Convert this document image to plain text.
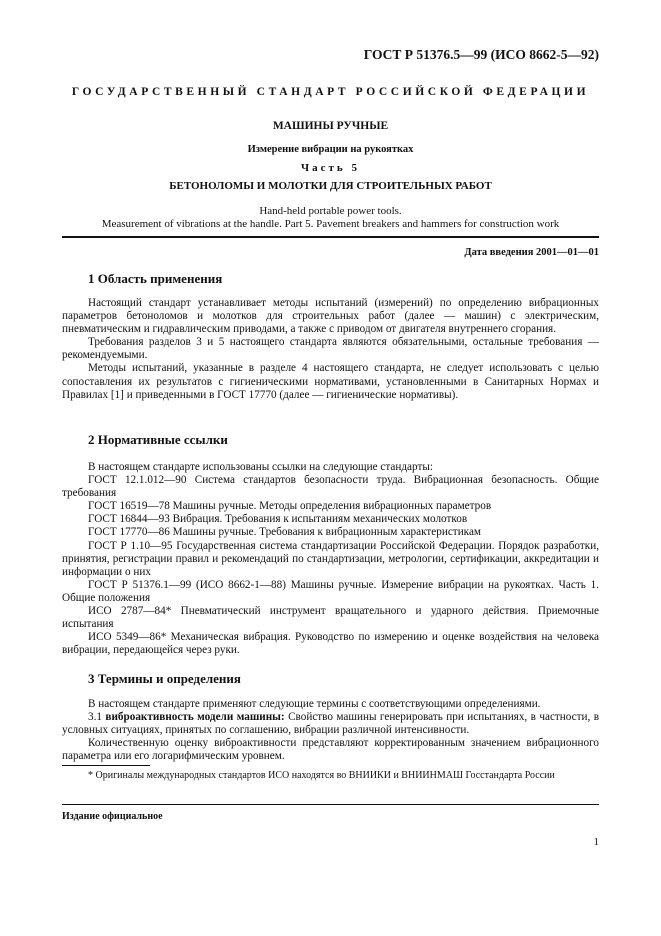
ГОСТ Р 51376.5—99 (ИСО 8662-5—92)
ГОСУДАРСТВЕННЫЙ СТАНДАРТ РОССИЙСКОЙ ФЕДЕРАЦИИ
МАШИНЫ РУЧНЫЕ
Измерение вибрации на рукоятках
Часть 5
БЕТОНОЛОМЫ И МОЛОТКИ ДЛЯ СТРОИТЕЛЬНЫХ РАБОТ
Hand-held portable power tools.
Measurement of vibrations at the handle. Part 5. Pavement breakers and hammers for construction work
Дата введения 2001—01—01
1 Область применения

Настоящий стандарт устанавливает методы испытаний (измерений) по определению вибрационных параметров бетоноломов и молотков для строительных работ (далее — машин) с электрическим, пневматическим и гидравлическим приводами, а также с приводом от двигателя внутреннего сгорания.

Требования разделов 3 и 5 настоящего стандарта являются обязательными, остальные требования — рекомендуемыми.

Методы испытаний, указанные в разделе 4 настоящего стандарта, не следует использовать с целью сопоставления их результатов с гигиеническими нормативами, установленными в Санитарных Нормах и Правилах [1] и приведенными в ГОСТ 17770 (далее — гигиенические нормативы).

2 Нормативные ссылки

В настоящем стандарте использованы ссылки на следующие стандарты:

ГОСТ 12.1.012—90 Система стандартов безопасности труда. Вибрационная безопасность. Общие требования

ГОСТ 16519—78 Машины ручные. Методы определения вибрационных параметров

ГОСТ 16844—93 Вибрация. Требования к испытаниям механических молотков

ГОСТ 17770—86 Машины ручные. Требования к вибрационным характеристикам

ГОСТ Р 1.10—95 Государственная система стандартизации Российской Федерации. Порядок разработки, принятия, регистрации правил и рекомендаций по стандартизации, метрологии, сертификации, аккредитации и информации о них

ГОСТ Р 51376.1—99 (ИСО 8662-1—88) Машины ручные. Измерение вибрации на рукоятках. Часть 1. Общие положения

ИСО 2787—84* Пневматический инструмент вращательного и ударного действия. Приемочные испытания

ИСО 5349—86* Механическая вибрация. Руководство по измерению и оценке воздействия на человека вибрации, передающейся через руки.

3 Термины и определения

В настоящем стандарте применяют следующие термины с соответствующими определениями.

3.1 виброактивность модели машины: Свойство машины генерировать при испытаниях, в частности, в условных ситуациях, принятых по соглашению, вибрации различной интенсивности.

Количественную оценку виброактивности представляют корректированным значением вибрационного параметра или его логарифмическим уровнем.

* Оригиналы международных стандартов ИСО находятся во ВНИИКИ и ВНИИНМАШ Госстандарта России

Издание официальное
1
